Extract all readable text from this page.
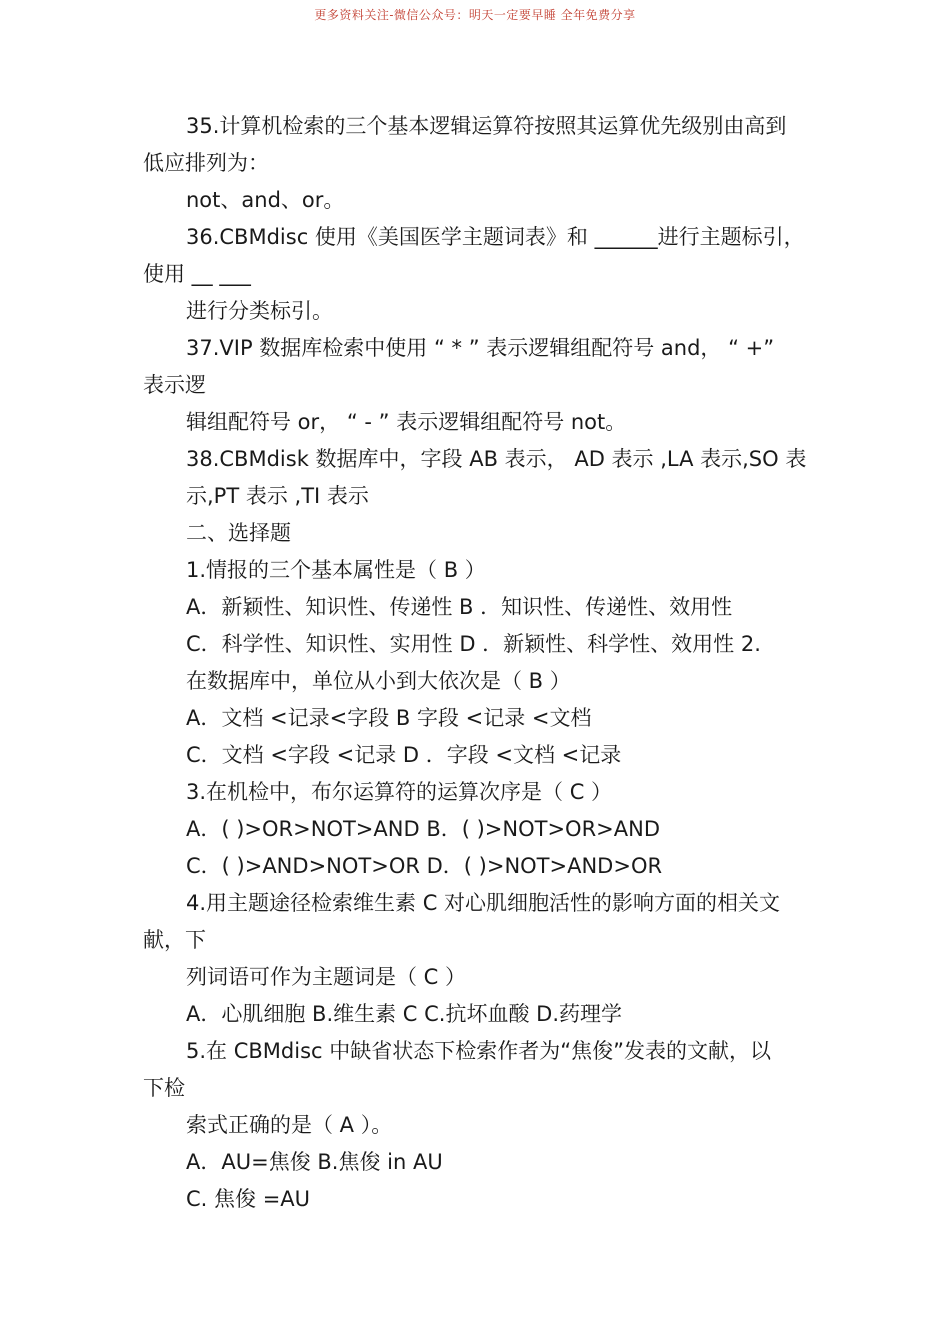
更多资料关注-微信公众号：明天一定要早睡 全年免费分享
35.计算机检索的三个基本逻辑运算符按照其运算优先级别由高到
低应排列为：
not、and、or。
36.CBMdisc 使用《美国医学主题词表》和 ______进行主题标引，
使用 __ ___
进行分类标引。
37.VIP 数据库检索中使用 “ * ” 表示逻辑组配符号 and， “ +”
表示逻
辑组配符号 or， “ - ” 表示逻辑组配符号 not。
38.CBMdisk 数据库中，字段 AB 表示， AD 表示 ,LA 表示,SO 表
示,PT 表示 ,TI 表示
二、选择题
1.情报的三个基本属性是（ B ）
A．新颖性、知识性、传递性 B ．知识性、传递性、效用性
C．科学性、知识性、实用性 D ．新颖性、科学性、效用性 2.
在数据库中，单位从小到大依次是（ B ）
A．文档 <记录<字段 B 字段 <记录 <文档
C．文档 <字段 <记录 D ．字段 <文档 <记录
3.在机检中，布尔运算符的运算次序是（ C ）
A．( )>OR>NOT>AND B．( )>NOT>OR>AND
C．( )>AND>NOT>OR D．( )>NOT>AND>OR
4.用主题途径检索维生素 C 对心肌细胞活性的影响方面的相关文
献，下
列词语可作为主题词是（ C ）
A．心肌细胞 B.维生素 C C.抗坏血酸 D.药理学
5.在 CBMdisc 中缺省状态下检索作者为“焦俊”发表的文献，以
下检
索式正确的是（ A ）。
A．AU=焦俊 B.焦俊 in AU
C. 焦俊 =AU
